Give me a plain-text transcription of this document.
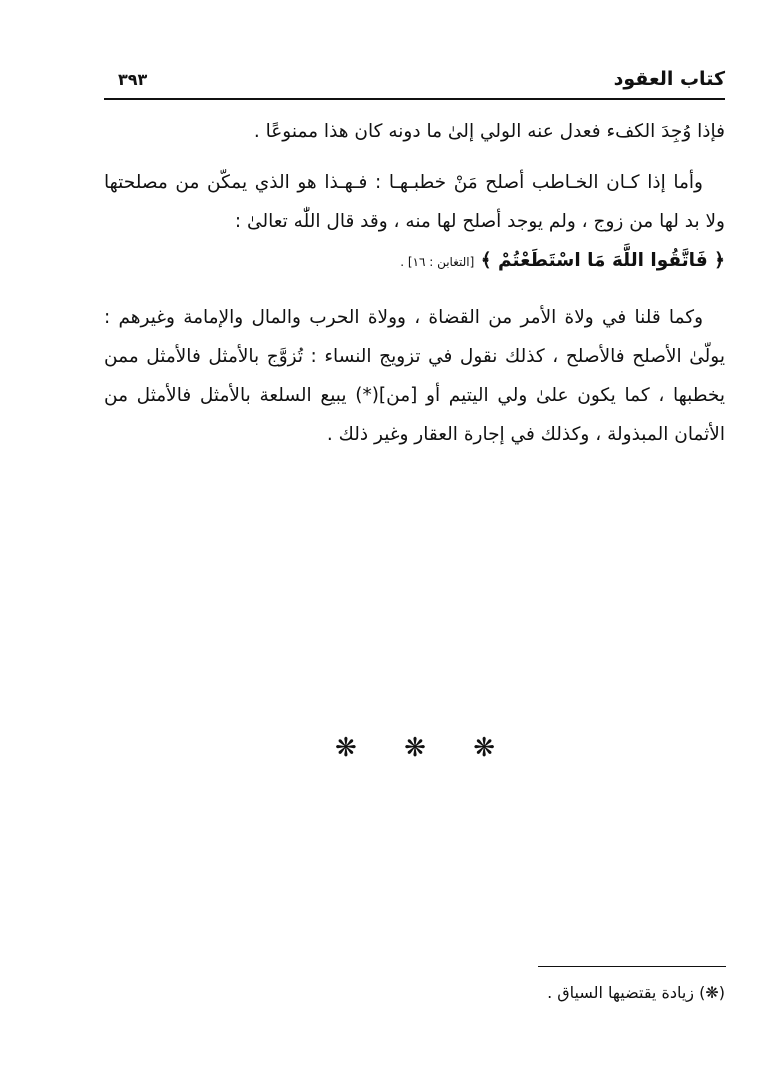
كتاب العقود
٣٩٣

فإذا وُجِدَ الكفء فعدل عنه الولي إلىٰ ما دونه كان هذا ممنوعًا .

وأما إذا كـان الخـاطب أصلح مَنْ خطبـهـا : فـهـذا هو الذي يمكّن من مصلحتها ولا بد لها من زوج ، ولم يوجد أصلح لها منه ، وقد قال اللّٰه تعالىٰ :
﴿ فَاتَّقُوا اللَّهَ مَا اسْتَطَعْتُمْ ﴾ [التغابن : ١٦] .

وكما قلنا في ولاة الأمر من القضاة ، وولاة الحرب والمال والإمامة وغيرهم : يولّىٰ الأصلح فالأصلح ، كذلك نقول في تزويج النساء : تُزوَّج بالأمثل فالأمثل ممن يخطبها ، كما يكون علىٰ ولي اليتيم أو [من](*) يبيع السلعة بالأمثل فالأمثل من الأثمان المبذولة ، وكذلك في إجارة العقار وغير ذلك .

❋ ❋ ❋
(❋) زيادة يقتضيها السياق .
